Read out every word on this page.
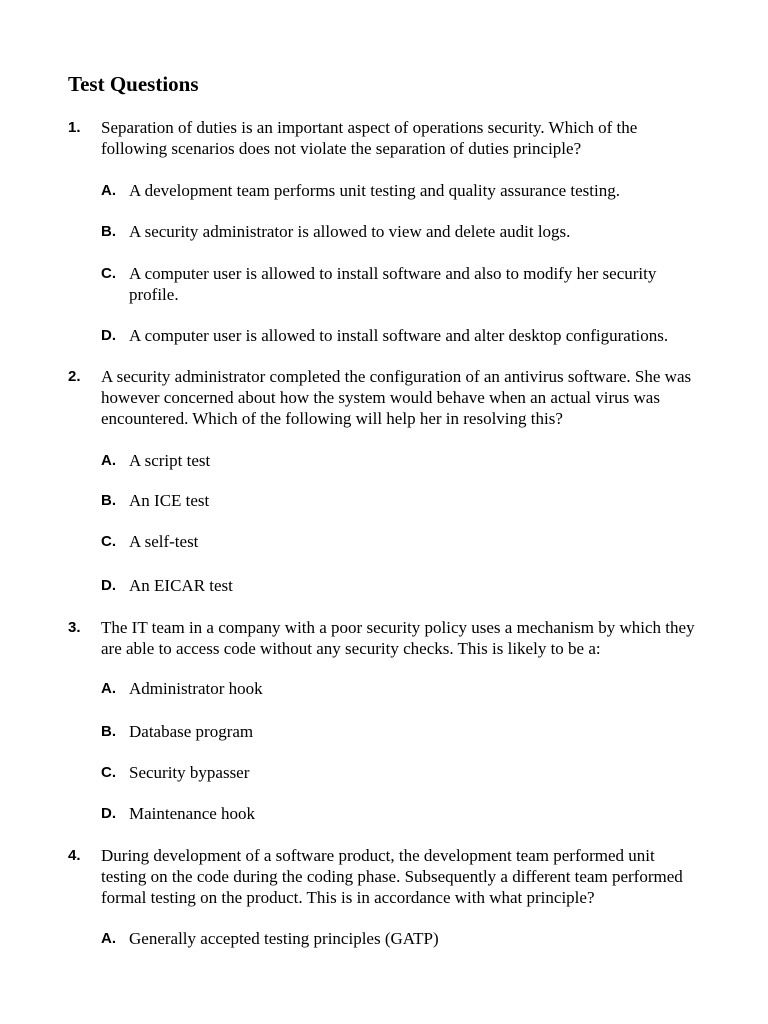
Test Questions
1. Separation of duties is an important aspect of operations security. Which of the following scenarios does not violate the separation of duties principle?
A. A development team performs unit testing and quality assurance testing.
B. A security administrator is allowed to view and delete audit logs.
C. A computer user is allowed to install software and also to modify her security profile.
D. A computer user is allowed to install software and alter desktop configurations.
2. A security administrator completed the configuration of an antivirus software. She was however concerned about how the system would behave when an actual virus was encountered. Which of the following will help her in resolving this?
A. A script test
B. An ICE test
C. A self-test
D. An EICAR test
3. The IT team in a company with a poor security policy uses a mechanism by which they are able to access code without any security checks. This is likely to be a:
A. Administrator hook
B. Database program
C. Security bypasser
D. Maintenance hook
4. During development of a software product, the development team performed unit testing on the code during the coding phase. Subsequently a different team performed formal testing on the product. This is in accordance with what principle?
A. Generally accepted testing principles (GATP)
